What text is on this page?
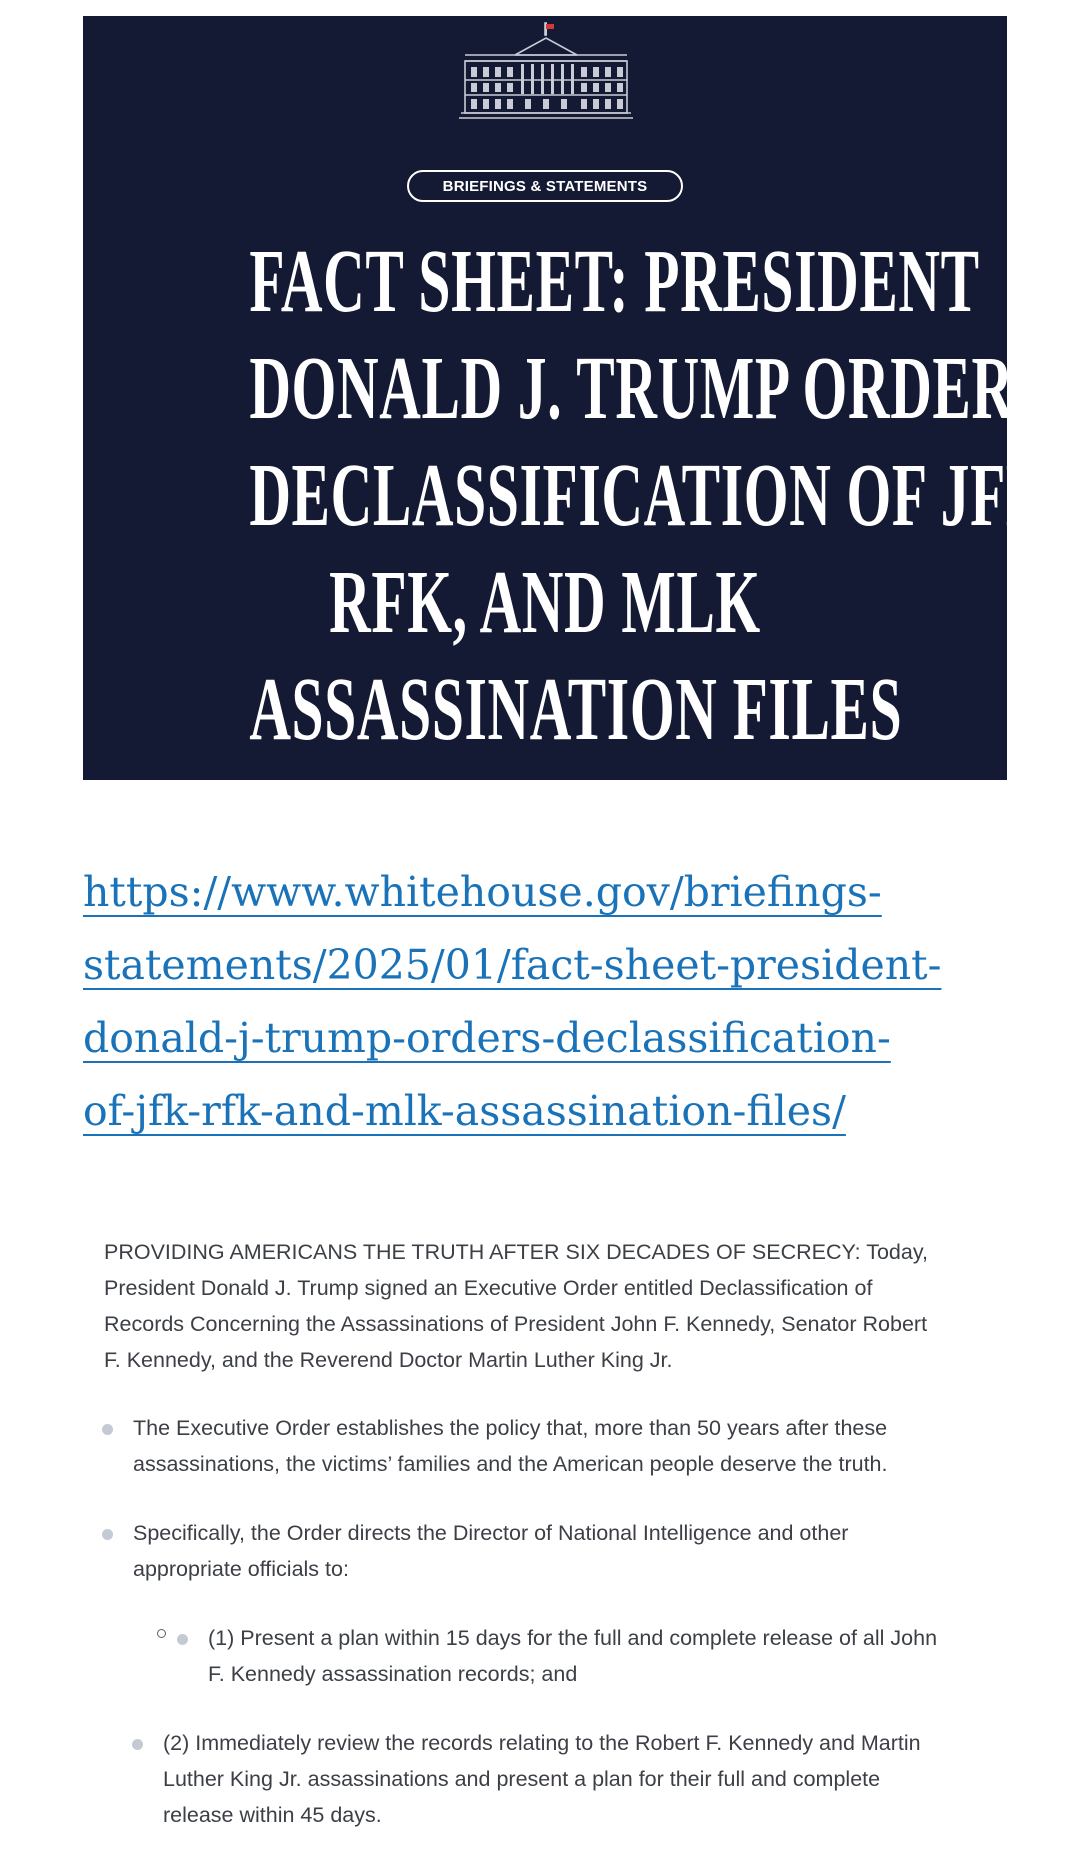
BRIEFINGS & STATEMENTS
FACT SHEET: PRESIDENT
DONALD J. TRUMP ORDERS
DECLASSIFICATION OF JFK,
RFK, AND MLK
ASSASSINATION FILES
https://www.whitehouse.gov/briefings-
statements/2025/01/fact-sheet-president-
donald-j-trump-orders-declassification-
of-jfk-rfk-and-mlk-assassination-files/
PROVIDING AMERICANS THE TRUTH AFTER SIX DECADES OF SECRECY: Today,
President Donald J. Trump signed an Executive Order entitled Declassification of
Records Concerning the Assassinations of President John F. Kennedy, Senator Robert
F. Kennedy, and the Reverend Doctor Martin Luther King Jr.
The Executive Order establishes the policy that, more than 50 years after these
assassinations, the victims’ families and the American people deserve the truth.
Specifically, the Order directs the Director of National Intelligence and other
appropriate officials to:
(1) Present a plan within 15 days for the full and complete release of all John
F. Kennedy assassination records; and
(2) Immediately review the records relating to the Robert F. Kennedy and Martin
Luther King Jr. assassinations and present a plan for their full and complete
release within 45 days.
